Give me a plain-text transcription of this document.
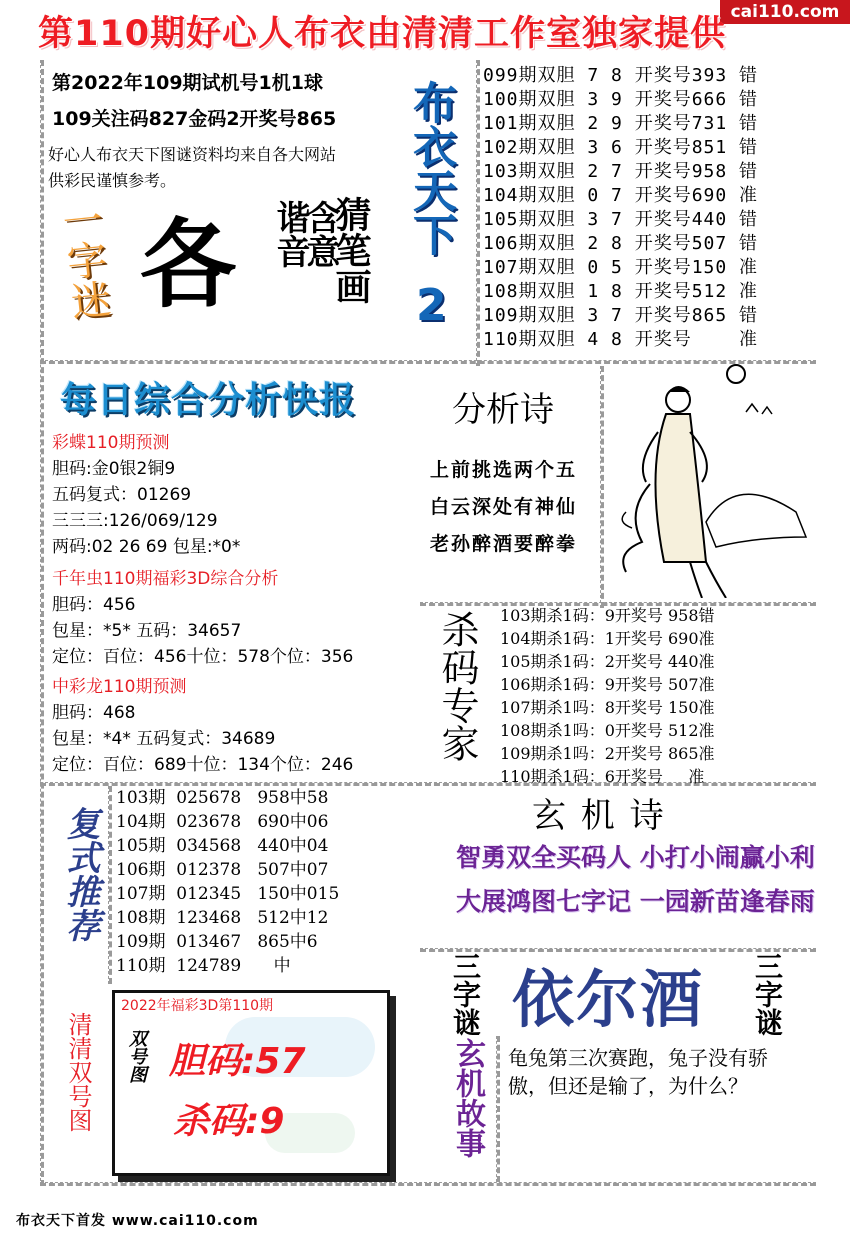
cai110.com
第110期好心人布衣由清清工作室独家提供
第2022年109期试机号1机1球
109关注码827金码2开奖号865
好心人布衣天下图谜资料均来自各大网站
供彩民谨慎参考。	布衣天下
2
一字迷 各	猜笔画
含意
谐音
099期双胆 7 8 开奖号393 错
100期双胆 3 9 开奖号666 错
101期双胆 2 9 开奖号731 错
102期双胆 3 6 开奖号851 错
103期双胆 2 7 开奖号958 错
104期双胆 0 7 开奖号690 准
105期双胆 3 7 开奖号440 错
106期双胆 2 8 开奖号507 错
107期双胆 0 5 开奖号150 准
108期双胆 1 8 开奖号512 准
109期双胆 3 7 开奖号865 错
110期双胆 4 8 开奖号    准
每日综合分析快报
彩蝶110期预测
胆码:金0银2铜9
五码复式：01269
三三三:126/069/129
两码:02 26 69 包星:*0*
千年虫110期福彩3D综合分析
胆码：456
包星：*5* 五码：34657
定位：百位：456十位：578个位：356
中彩龙110期预测
胆码：468
包星：*4* 五码复式：34689
定位：百位：689十位：134个位：246
分析诗
上前挑选两个五
白云深处有神仙
老孙醉酒要醉拳
杀码专家	103期杀1码：9开奖号 958错
104期杀1码：1开奖号 690准
105期杀1码：2开奖号 440准
106期杀1码：9开奖号 507准
107期杀1吗：8开奖号 150准
108期杀1吗：0开奖号 512准
109期杀1吗：2开奖号 865准
110期杀1码：6开奖号     准
复式推荐
103期  025678   958中58
104期  023678   690中06
105期  034568   440中04
106期  012378   507中07
107期  012345   150中015
108期  123468   512中12
109期  013467   865中6
110期  124789      中
玄 机 诗
智勇双全买码人 小打小闹赢小利
大展鸿图七字记 一园新苗逢春雨
清清双号图
2022年福彩3D第110期
双号图 胆码:57
杀码:9
三字谜 依尔酒 三字谜
玄机故事 龟兔第三次赛跑，兔子没有骄傲，但还是输了，为什么？
布衣天下首发 www.cai110.com
